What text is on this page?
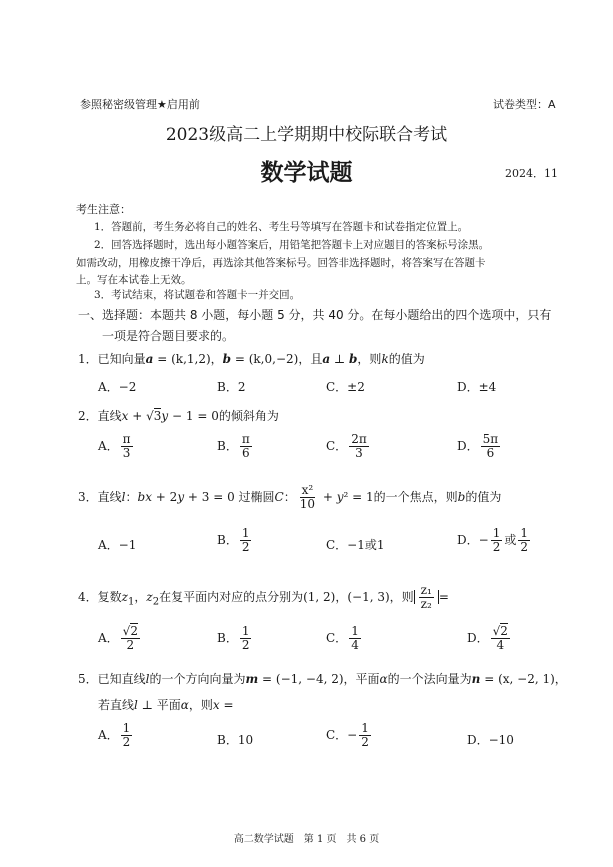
参照秘密级管理★启用前	试卷类型：A
2023级高二上学期期中校际联合考试
数学试题	2024．11
考生注意：
1．答题前，考生务必将自己的姓名、考生号等填写在答题卡和试卷指定位置上。
2．回答选择题时，选出每小题答案后，用铅笔把答题卡上对应题目的答案标号涂黑。
如需改动，用橡皮擦干净后，再选涂其他答案标号。回答非选择题时，将答案写在答题卡
上。写在本试卷上无效。
3．考试结束，将试题卷和答题卡一并交回。
一、选择题：本题共 8 小题，每小题 5 分，共 40 分。在每小题给出的四个选项中，只有
一项是符合题目要求的。
1．已知向量a = (k,1,2)，b = (k,0,−2)，且a ⊥ b，则k的值为
A．−2	B．2	C．±2	D．±4
2．直线x + √3y − 1 = 0的倾斜角为
A． $\frac{\pi}{3}$	B． $\frac{\pi}{6}$	C． $\frac{2\pi}{3}$	D． $\frac{5\pi}{6}$
3．直线l：bx + 2y + 3 = 0 过椭圆C： $\frac{\text{x²}}{10} + y^2 = 1$的一个焦点，则b的值为
A．−1	B． $\frac{1}{2}$	C．−1或1	D．− $\frac{1}{2}$ 或 $\frac{1}{2}$
4．复数$z_1$，$z_2$在复平面内对应的点分别为(1, 2)，(−1, 3)，则 $\frac{\text{z₁}}{\text{z₂}}$ =
A． $\frac{√2}{2}$	B． $\frac{1}{2}$	C． $\frac{1}{4}$	D． $\frac{√2}{4}$
5．已知直线l的一个方向向量为m = (−1, −4, 2)，平面α的一个法向量为n = (x, −2, 1)，
若直线l ⊥ 平面α，则x =
A． $\frac{1}{2}$	B．10	C．− $\frac{1}{2}$	D．−10
高二数学试题　第 1 页　共 6 页
